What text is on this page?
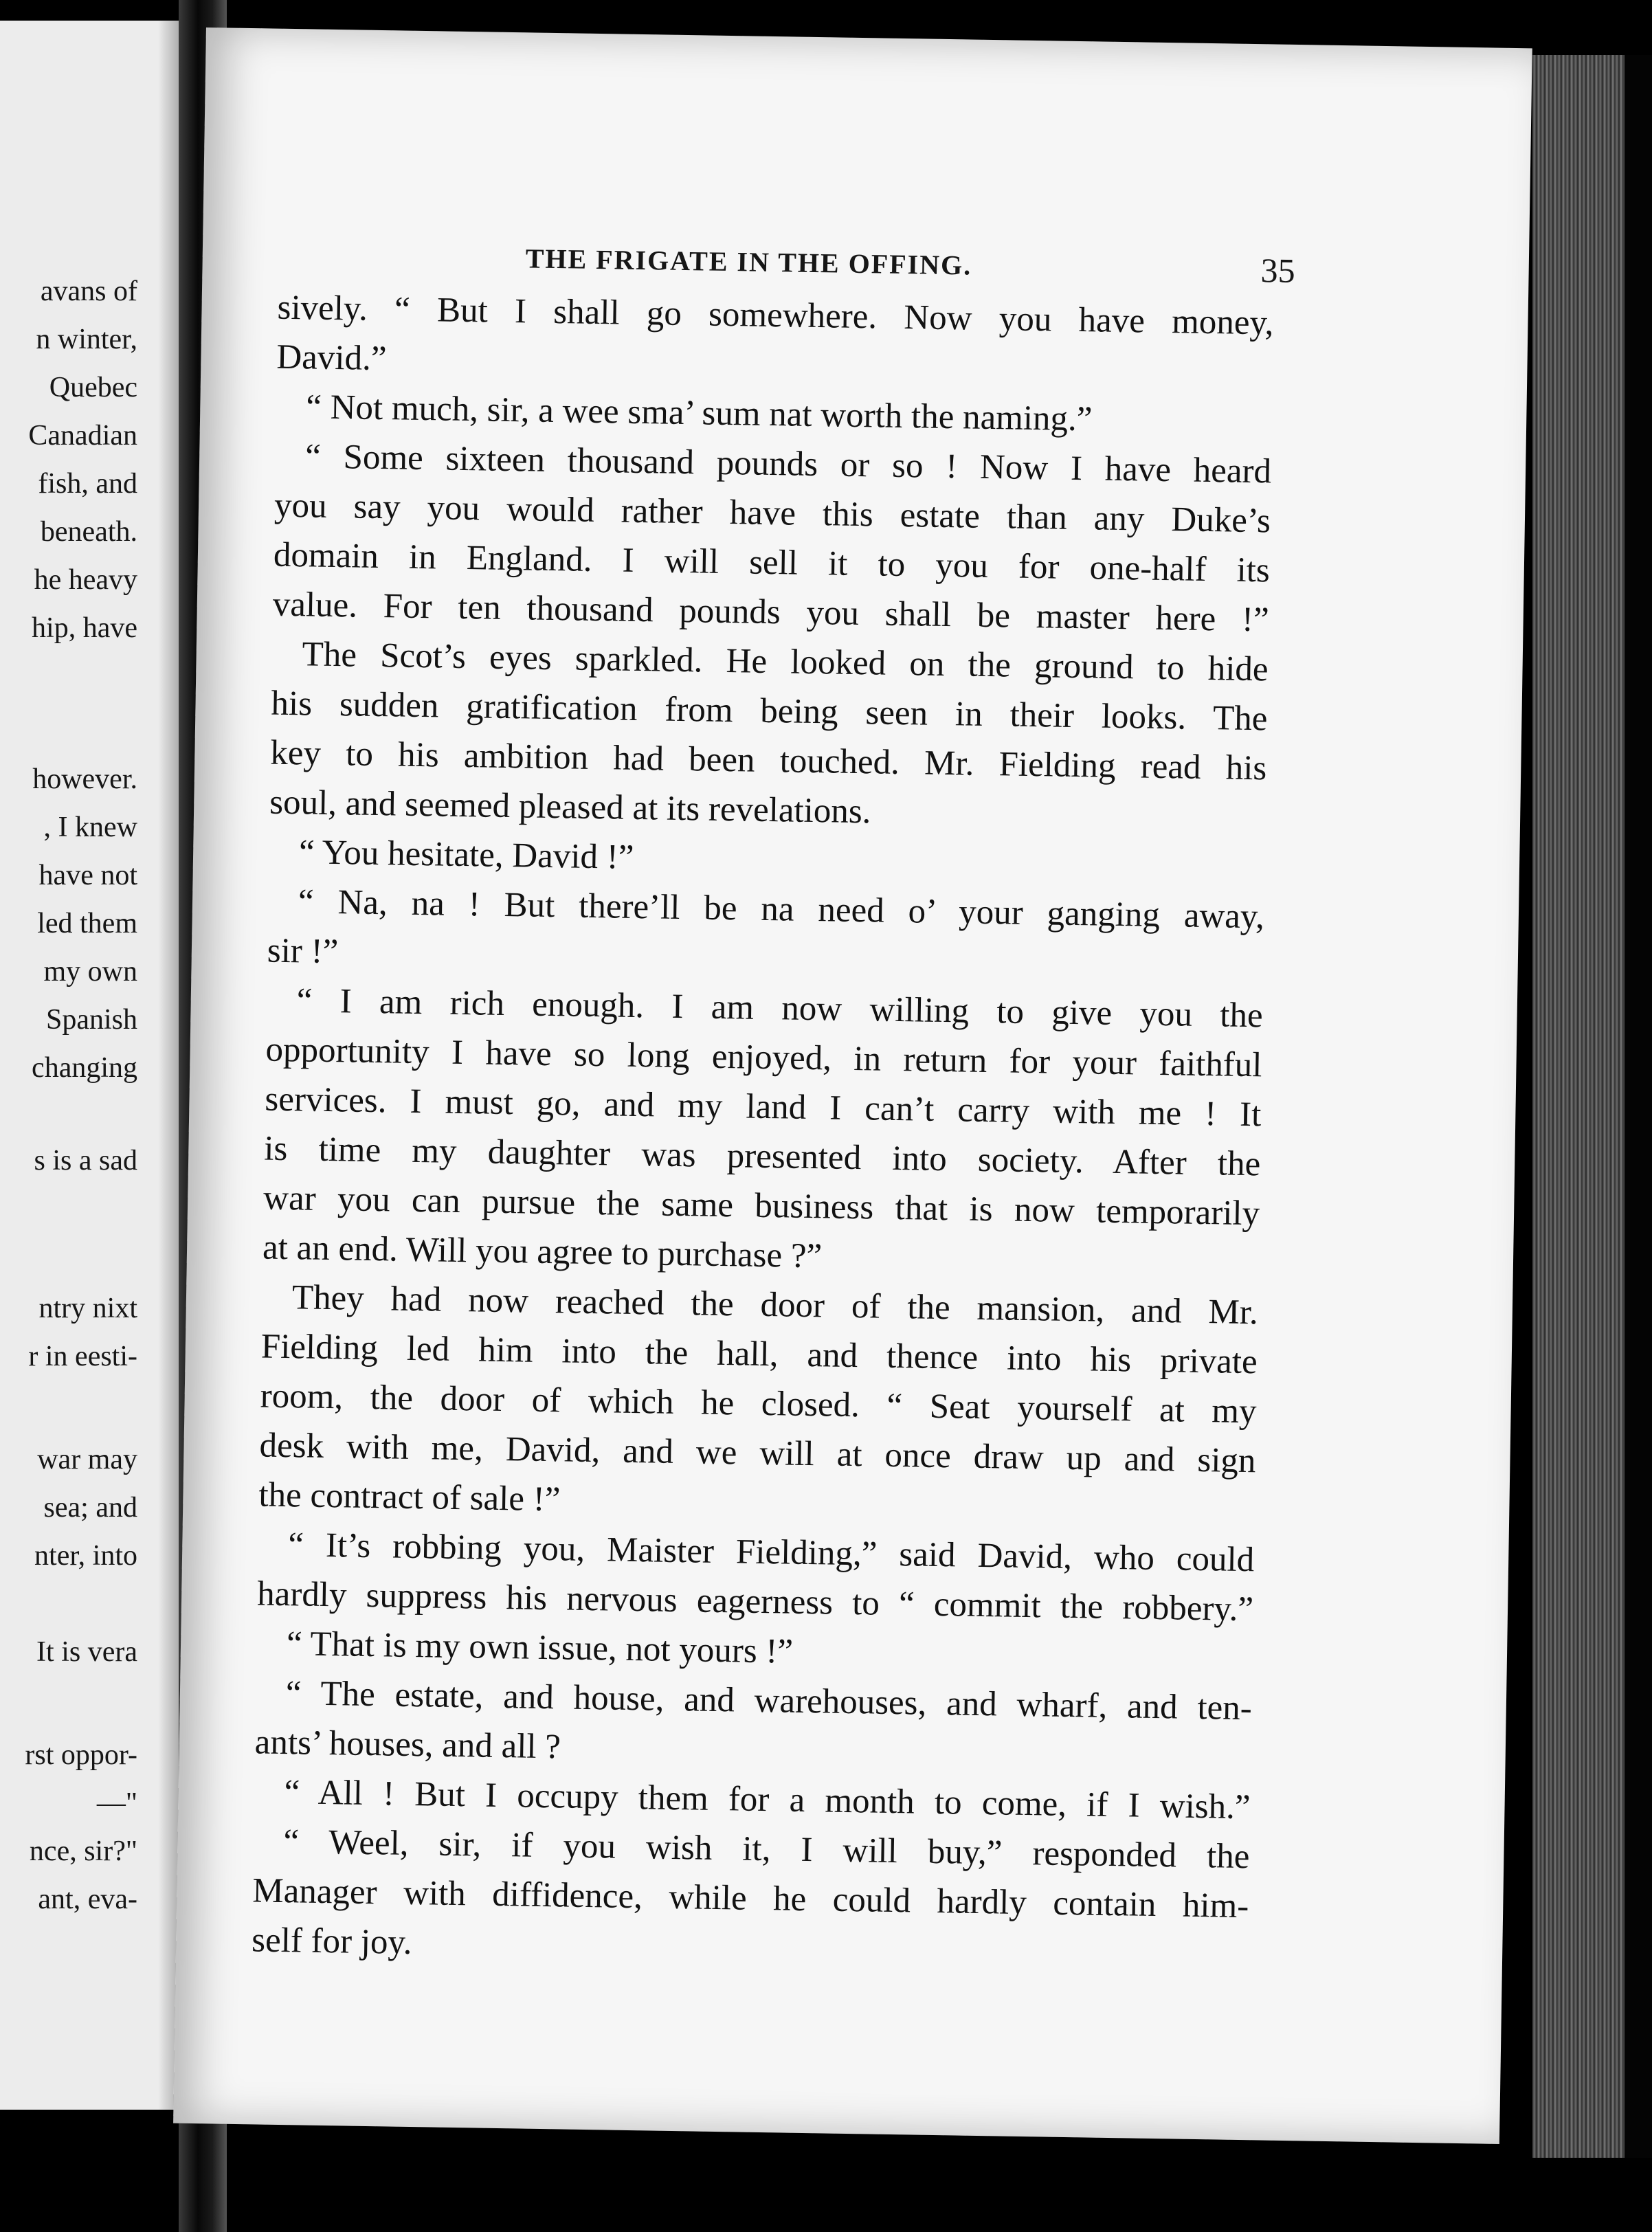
avans of
n winter,
Quebec
Canadian
fish, and
beneath.
he heavy
hip, have
however.
, I knew
have not
led them
my own
Spanish
changing
s is a sad
ntry nixt
r in eesti-
war may
sea; and
nter, into
It is vera
rst oppor-
—"
nce, sir?"
ant, eva-
THE FRIGATE IN THE OFFING.	35
sively. “ But I shall go somewhere. Now you have money,
David.”
“ Not much, sir, a wee sma’ sum nat worth the naming.”
“ Some sixteen thousand pounds or so ! Now I have heard
you say you would rather have this estate than any Duke’s
domain in England. I will sell it to you for one-half its
value. For ten thousand pounds you shall be master here !”
The Scot’s eyes sparkled. He looked on the ground to hide
his sudden gratification from being seen in their looks. The
key to his ambition had been touched. Mr. Fielding read his
soul, and seemed pleased at its revelations.
“ You hesitate, David !”
“ Na, na ! But there’ll be na need o’ your ganging away,
sir !”
“ I am rich enough. I am now willing to give you the
opportunity I have so long enjoyed, in return for your faithful
services. I must go, and my land I can’t carry with me ! It
is time my daughter was presented into society. After the
war you can pursue the same business that is now temporarily
at an end. Will you agree to purchase ?”
They had now reached the door of the mansion, and Mr.
Fielding led him into the hall, and thence into his private
room, the door of which he closed. “ Seat yourself at my
desk with me, David, and we will at once draw up and sign
the contract of sale !”
“ It’s robbing you, Maister Fielding,” said David, who could
hardly suppress his nervous eagerness to “ commit the robbery.”
“ That is my own issue, not yours !”
“ The estate, and house, and warehouses, and wharf, and ten-
ants’ houses, and all ?
“ All ! But I occupy them for a month to come, if I wish.”
“ Weel, sir, if you wish it, I will buy,” responded the
Manager with diffidence, while he could hardly contain him-
self for joy.
